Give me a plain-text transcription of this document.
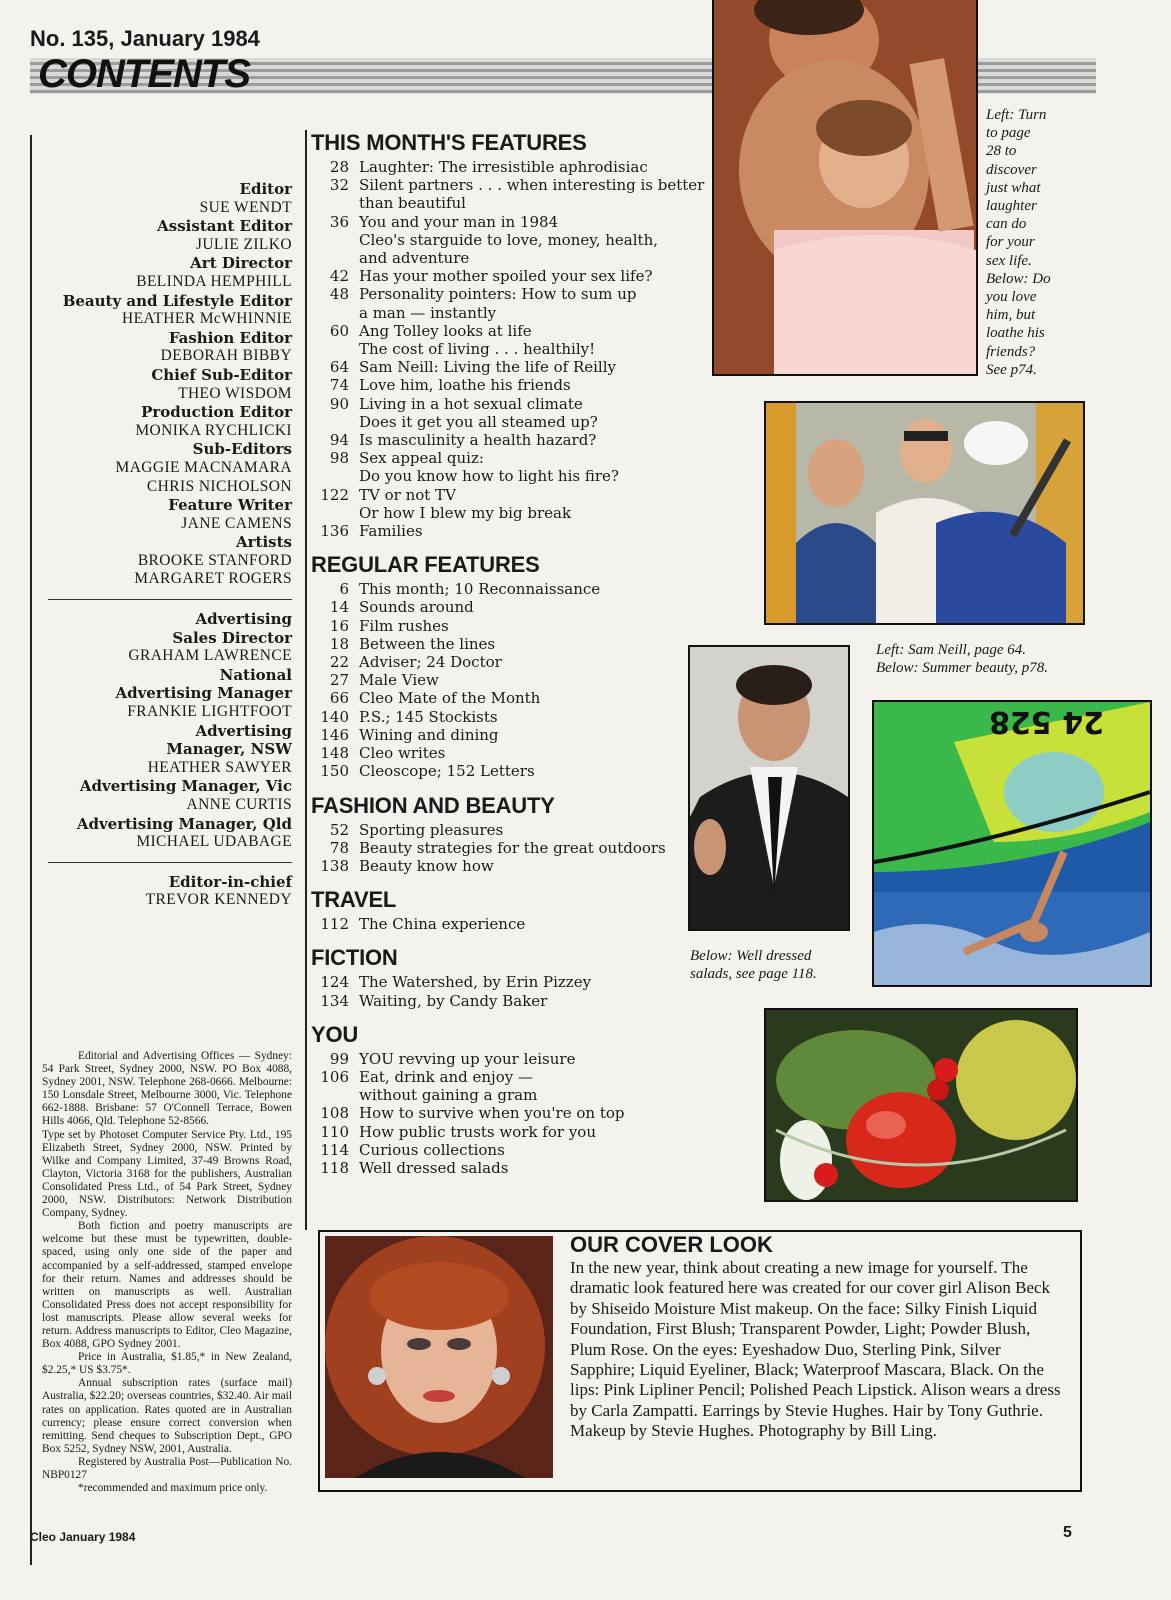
No. 135, January 1984
CONTENTS
Editor
SUE WENDT
Assistant Editor
JULIE ZILKO
Art Director
BELINDA HEMPHILL
Beauty and Lifestyle Editor
HEATHER McWHINNIE
Fashion Editor
DEBORAH BIBBY
Chief Sub-Editor
THEO WISDOM
Production Editor
MONIKA RYCHLICKI
Sub-Editors
MAGGIE MACNAMARA
CHRIS NICHOLSON
Feature Writer
JANE CAMENS
Artists
BROOKE STANFORD
MARGARET ROGERS
Advertising
Sales Director
GRAHAM LAWRENCE
National
Advertising Manager
FRANKIE LIGHTFOOT
Advertising
Manager, NSW
HEATHER SAWYER
Advertising Manager, Vic
ANNE CURTIS
Advertising Manager, Qld
MICHAEL UDABAGE
Editor-in-chief
TREVOR KENNEDY

Editorial and Advertising Offices — Sydney: 54 Park Street, Sydney 2000, NSW. PO Box 4088, Sydney 2001, NSW. Telephone 268-0666. Melbourne: 150 Lonsdale Street, Melbourne 3000, Vic. Telephone 662-1888. Brisbane: 57 O'Connell Terrace, Bowen Hills 4066, Qld. Telephone 52-8566.

Type set by Photoset Computer Service Pty. Ltd., 195 Elizabeth Street, Sydney 2000, NSW. Printed by Wilke and Company Limited, 37-49 Browns Road, Clayton, Victoria 3168 for the publishers, Australian Consolidated Press Ltd., of 54 Park Street, Sydney 2000, NSW. Distributors: Network Distribution Company, Sydney.

Both fiction and poetry manuscripts are welcome but these must be typewritten, double-spaced, using only one side of the paper and accompanied by a self-addressed, stamped envelope for their return. Names and addresses should be written on manuscripts as well. Australian Consolidated Press does not accept responsibility for lost manuscripts. Please allow several weeks for return. Address manuscripts to Editor, Cleo Magazine, Box 4088, GPO Sydney 2001.

Price in Australia, $1.85,* in New Zealand, $2.25,* US $3.75*.

Annual subscription rates (surface mail) Australia, $22.20; overseas countries, $32.40. Air mail rates on application. Rates quoted are in Australian currency; please ensure correct conversion when remitting. Send cheques to Subscription Dept., GPO Box 5252, Sydney NSW, 2001, Australia.

Registered by Australia Post—Publication No. NBP0127

*recommended and maximum price only.

THIS MONTH'S FEATURES
28 Laughter: The irresistible aphrodisiac
32 Silent partners . . . when interesting is better
than beautiful
36 You and your man in 1984
Cleo's starguide to love, money, health,
and adventure
42 Has your mother spoiled your sex life?
48 Personality pointers: How to sum up
a man — instantly
60 Ang Tolley looks at life
The cost of living . . . healthily!
64 Sam Neill: Living the life of Reilly
74 Love him, loathe his friends
90 Living in a hot sexual climate
Does it get you all steamed up?
94 Is masculinity a health hazard?
98 Sex appeal quiz:
Do you know how to light his fire?
122 TV or not TV
Or how I blew my big break
136 Families
REGULAR FEATURES
6 This month; 10 Reconnaissance
14 Sounds around
16 Film rushes
18 Between the lines
22 Adviser; 24 Doctor
27 Male View
66 Cleo Mate of the Month
140 P.S.; 145 Stockists
146 Wining and dining
148 Cleo writes
150 Cleoscope; 152 Letters
FASHION AND BEAUTY
52 Sporting pleasures
78 Beauty strategies for the great outdoors
138 Beauty know how
TRAVEL
112 The China experience
FICTION
124 The Watershed, by Erin Pizzey
134 Waiting, by Candy Baker
YOU
99 YOU revving up your leisure
106 Eat, drink and enjoy —
without gaining a gram
108 How to survive when you're on top
110 How public trusts work for you
114 Curious collections
118 Well dressed salads
Left: Turn
to page
28 to
discover
just what
laughter
can do
for your
sex life.
Below: Do
you love
him, but
loathe his
friends?
See p74.
Left: Sam Neill, page 64.
Below: Summer beauty, p78.
24 528
Below: Well dressed
salads, see page 118.
OUR COVER LOOK
In the new year, think about creating a new image for yourself. The dramatic look featured here was created for our cover girl Alison Beck by Shiseido Moisture Mist makeup. On the face: Silky Finish Liquid Foundation, First Blush; Transparent Powder, Light; Powder Blush, Plum Rose. On the eyes: Eyeshadow Duo, Sterling Pink, Silver Sapphire; Liquid Eyeliner, Black; Waterproof Mascara, Black. On the lips: Pink Lipliner Pencil; Polished Peach Lipstick. Alison wears a dress by Carla Zampatti. Earrings by Stevie Hughes. Hair by Tony Guthrie. Makeup by Stevie Hughes. Photography by Bill Ling.
Cleo January 1984	5
